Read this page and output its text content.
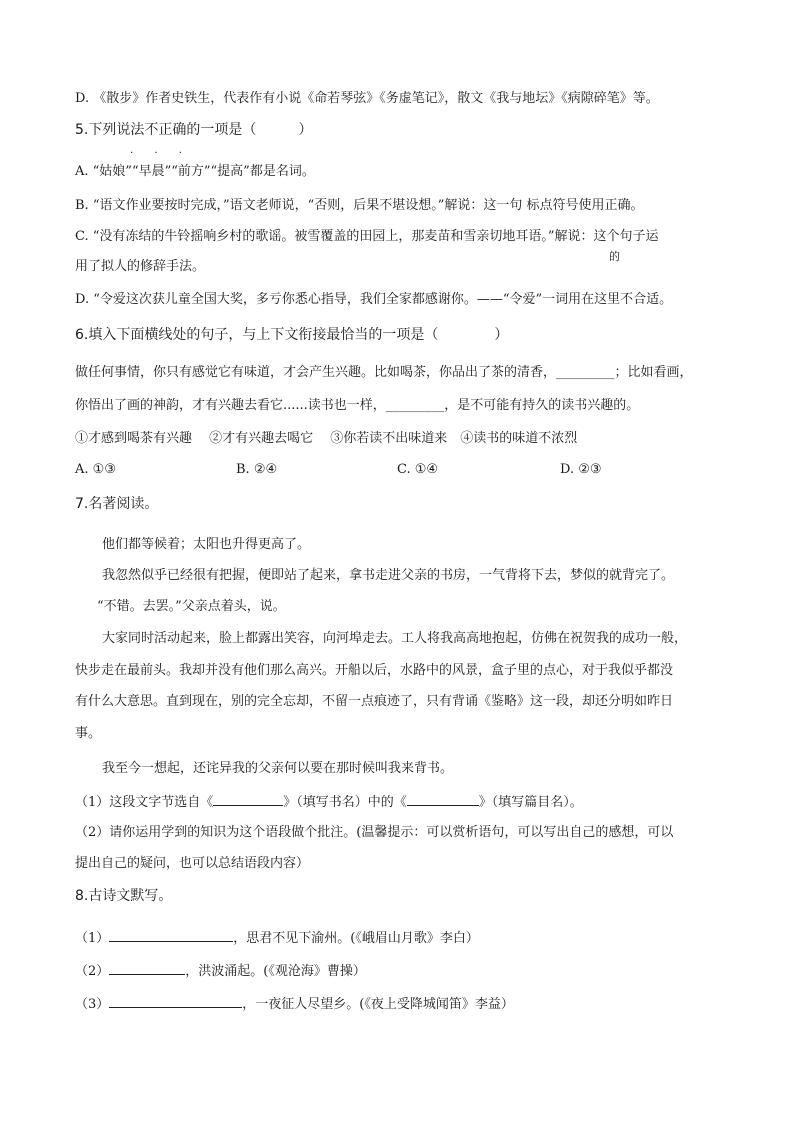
D. 《散步》作者史铁生，代表作有小说《命若琴弦》《务虚笔记》，散文《我与地坛》《病隙碎笔》等。
5.下列说法不正确的一项是（　　　）
· · ·
A. “姑娘”“早晨”“前方”“提高”都是名词。
B. “语文作业要按时完成，”语文老师说，“否则，后果不堪设想。”解说：这一句 标点符号使用正确。
C. “没有冻结的牛铃摇响乡村的歌谣。被雪覆盖的田园上，那麦苗和雪亲切地耳语。”解说：这个句子运
用了拟人的修辞手法。
的
D. “令爱这次获儿童全国大奖，多亏你悉心指导，我们全家都感谢你。——“令爱”一词用在这里不合适。
6.填入下面横线处的句子，与上下文衔接最恰当的一项是（　　　　）
做任何事情，你只有感觉它有味道，才会产生兴趣。比如喝茶，你品出了茶的清香，_________；比如看画，
你悟出了画的神韵，才有兴趣去看它......读书也一样，_________，是不可能有持久的读书兴趣的。
①才感到喝茶有兴趣　 ②才有兴趣去喝它　 ③你若读不出味道来　④读书的味道不浓烈
A. ①③	B. ②④	C. ①④	D. ②③
7.名著阅读。
他们都等候着；太阳也升得更高了。
我忽然似乎已经很有把握，便即站了起来，拿书走进父亲的书房，一气背将下去，梦似的就背完了。
“不错。去罢。”父亲点着头，说。
大家同时活动起来，脸上都露出笑容，向河埠走去。工人将我高高地抱起，仿佛在祝贺我的成功一般，
快步走在最前头。我却并没有他们那么高兴。开船以后，水路中的风景，盒子里的点心，对于我似乎都没
有什么大意思。直到现在，别的完全忘却，不留一点痕迹了，只有背诵《鉴略》这一段，却还分明如昨日
事。
我至今一想起，还诧异我的父亲何以要在那时候叫我来背书。
（1）这段文字节选自《	》（填写书名）中的《	》（填写篇目名）。
（2）请你运用学到的知识为这个语段做个批注。(温馨提示：可以赏析语句，可以写出自己的感想，可以
提出自己的疑问，也可以总结语段内容）
8.古诗文默写。
（1）	，思君不见下渝州。(《峨眉山月歌》李白）
（2）	，洪波涌起。(《观沧海》曹操）
（3）	，一夜征人尽望乡。(《夜上受降城闻笛》李益）
